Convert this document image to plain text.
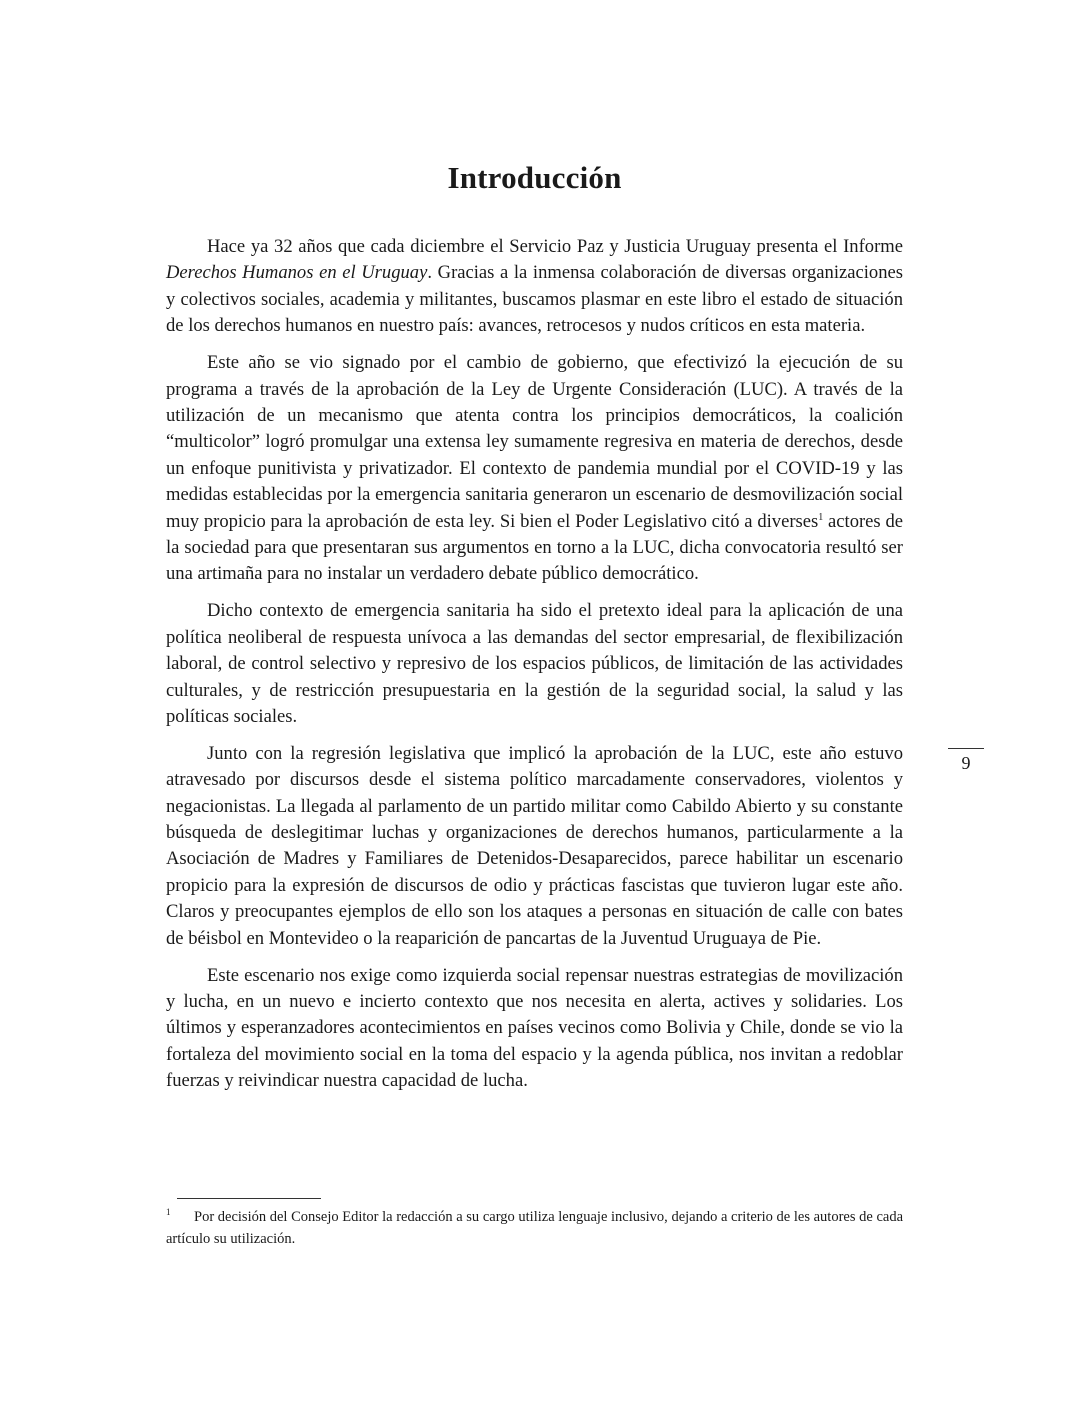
Introducción

Hace ya 32 años que cada diciembre el Servicio Paz y Justicia Uruguay presenta el Informe Derechos Humanos en el Uruguay. Gracias a la inmensa colaboración de diversas organizaciones y colectivos sociales, academia y militantes, buscamos plasmar en este libro el estado de situación de los derechos humanos en nuestro país: avances, retrocesos y nudos críticos en esta materia.

Este año se vio signado por el cambio de gobierno, que efectivizó la ejecución de su programa a través de la aprobación de la Ley de Urgente Consideración (LUC). A través de la utilización de un mecanismo que atenta contra los principios democráticos, la coalición “multicolor” logró promulgar una extensa ley sumamente regresiva en materia de derechos, desde un enfoque punitivista y privatizador. El contexto de pandemia mundial por el COVID-19 y las medidas establecidas por la emergencia sanitaria generaron un escenario de desmovilización social muy propicio para la aprobación de esta ley. Si bien el Poder Legislativo citó a diverses$^1$ actores de la sociedad para que presentaran sus argumentos en torno a la LUC, dicha convocatoria resultó ser una artimaña para no instalar un verdadero debate público democrático.

Dicho contexto de emergencia sanitaria ha sido el pretexto ideal para la aplicación de una política neoliberal de respuesta unívoca a las demandas del sector empresarial, de flexibilización laboral, de control selectivo y represivo de los espacios públicos, de limitación de las actividades culturales, y de restricción presupuestaria en la gestión de la seguridad social, la salud y las políticas sociales.

Junto con la regresión legislativa que implicó la aprobación de la LUC, este año estuvo atravesado por discursos desde el sistema político marcadamente conservadores, violentos y negacionistas. La llegada al parlamento de un partido militar como Cabildo Abierto y su constante búsqueda de deslegitimar luchas y organizaciones de derechos humanos, particularmente a la Asociación de Madres y Familiares de Detenidos-Desaparecidos, parece habilitar un escenario propicio para la expresión de discursos de odio y prácticas fascistas que tuvieron lugar este año. Claros y preocupantes ejemplos de ello son los ataques a personas en situación de calle con bates de béisbol en Montevideo o la reaparición de pancartas de la Juventud Uruguaya de Pie.

Este escenario nos exige como izquierda social repensar nuestras estrategias de movilización y lucha, en un nuevo e incierto contexto que nos necesita en alerta, actives y solidaries. Los últimos y esperanzadores acontecimientos en países vecinos como Bolivia y Chile, donde se vio la fortaleza del movimiento social en la toma del espacio y la agenda pública, nos invitan a redoblar fuerzas y reivindicar nuestra capacidad de lucha.

9
1 Por decisión del Consejo Editor la redacción a su cargo utiliza lenguaje inclusivo, dejando a criterio de les autores de cada artículo su utilización.
